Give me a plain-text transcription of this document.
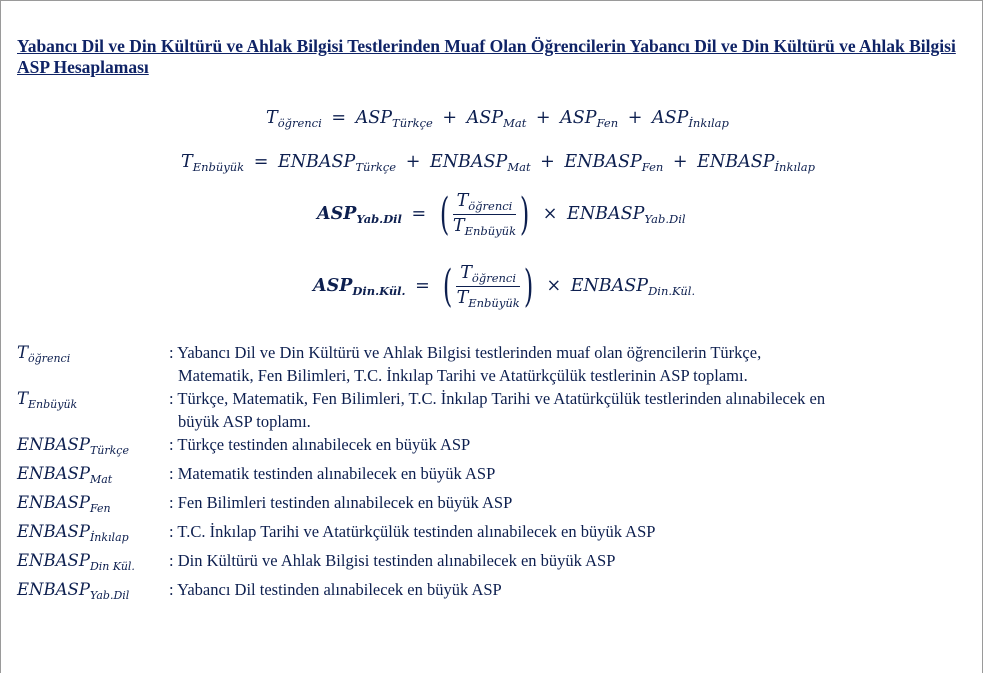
Yabancı Dil ve Din Kültürü ve Ahlak Bilgisi Testlerinden Muaf Olan Öğrencilerin Yabancı Dil ve Din Kültürü ve Ahlak Bilgisi ASP Hesaplaması
$T_{öğrenci} = ASP_{Türkçe} + ASP_{Mat} + ASP_{Fen} + ASP_{İnkılap}$
$T_{Enbüyük}$ = $ENBASP_{Türkçe}$ + $ENBASP_{Mat}$ + $ENBASP_{Fen}$ + $ENBASP_{İnkılap}$
$ASP_{Yab.Dil}$ = ( $\frac{T_{öğrenci}}{T_{Enbüyük}}$ ) × $ENBASP_{Yab.Dil}$
$ASP_{Din.Kül.}$ = ( $\frac{T_{öğrenci}}{T_{Enbüyük}}$ ) × $ENBASP_{Din.Kül.}$
$T_{öğrenci}$	: Yabancı Dil ve Din Kültürü ve Ahlak Bilgisi testlerinden muaf olan öğrencilerin Türkçe,
Matematik, Fen Bilimleri, T.C. İnkılap Tarihi ve Atatürkçülük testlerinin ASP toplamı.
$T_{Enbüyük}$	: Türkçe, Matematik, Fen Bilimleri, T.C. İnkılap Tarihi ve Atatürkçülük testlerinden alınabilecek en
büyük ASP toplamı.
$ENBASP_{Türkçe}$	: Türkçe testinden alınabilecek en büyük ASP
$ENBASP_{Mat}$	: Matematik testinden alınabilecek en büyük ASP
$ENBASP_{Fen}$	: Fen Bilimleri testinden alınabilecek en büyük ASP
$ENBASP_{İnkılap}$	: T.C. İnkılap Tarihi ve Atatürkçülük testinden alınabilecek en büyük ASP
$ENBASP_{Din Kül.}$	: Din Kültürü ve Ahlak Bilgisi testinden alınabilecek en büyük ASP
$ENBASP_{Yab.Dil}$	: Yabancı Dil testinden alınabilecek en büyük ASP
